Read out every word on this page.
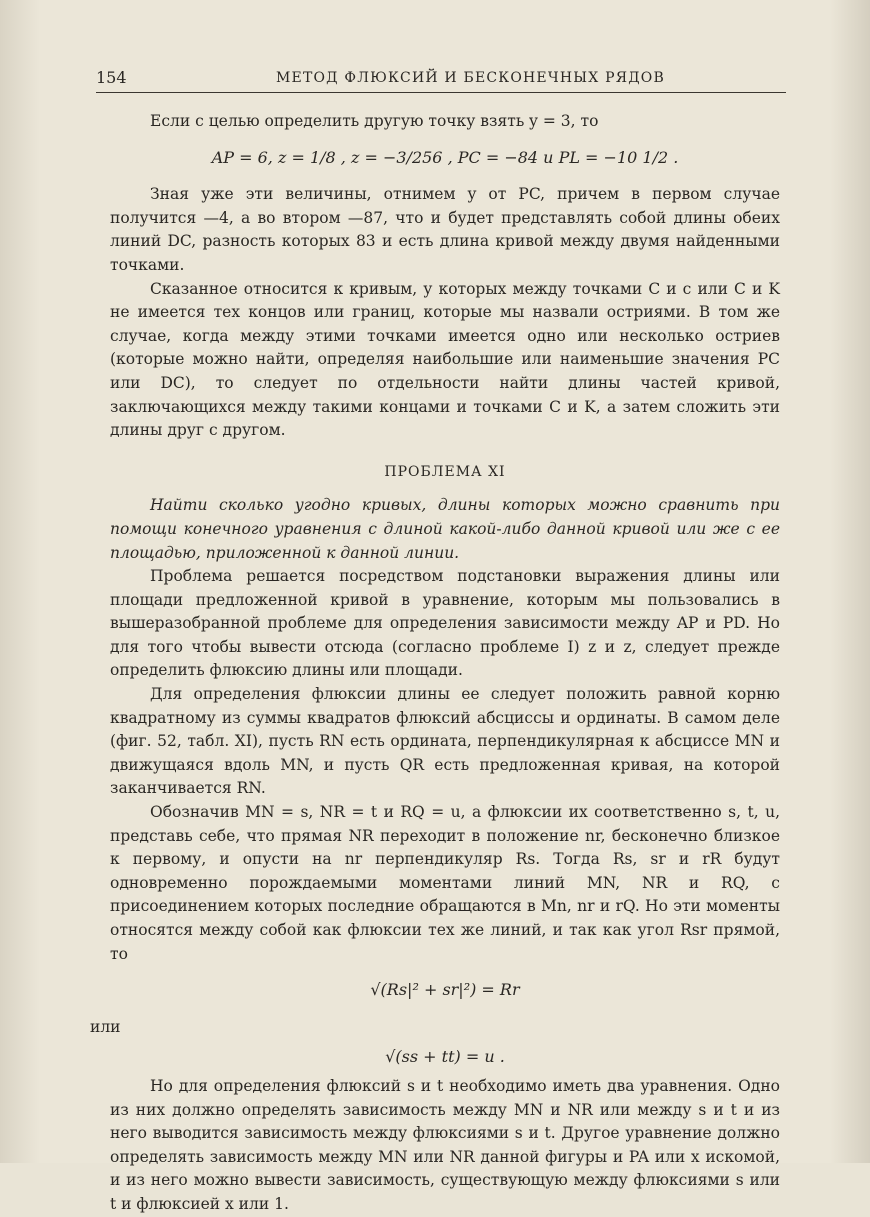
154	МЕТОД ФЛЮКСИЙ И БЕСКОНЕЧНЫХ РЯДОВ

Если с целью определить другую точку взять y = 3, то

AP = 6, z = 1/8 , z = −3/256 , PC = −84 и PL = −10 1/2 .

Зная уже эти величины, отнимем y от PC, причем в первом случае получится —4, а во втором —87, что и будет представлять собой длины обеих линий DC, разность которых 83 и есть длина кривой между двумя найденными точками.

Сказанное относится к кривым, у которых между точками C и c или C и K не имеется тех концов или границ, которые мы назвали остриями. В том же случае, когда между этими точками имеется одно или несколько остриев (которые можно найти, определяя наибольшие или наименьшие значения PC или DC), то следует по отдельности найти длины частей кривой, заключающихся между такими концами и точками C и K, а затем сложить эти длины друг с другом.

ПРОБЛЕМА XI

Найти сколько угодно кривых, длины которых можно сравнить при помощи конечного уравнения с длиной какой-либо данной кривой или же с ее площадью, приложенной к данной линии.

Проблема решается посредством подстановки выражения длины или площади предложенной кривой в уравнение, которым мы пользовались в вышеразобранной проблеме для определения зависимости между AP и PD. Но для того чтобы вывести отсюда (согласно проблеме I) z и z, следует прежде определить флюксию длины или площади.

Для определения флюксии длины ее следует положить равной корню квадратному из суммы квадратов флюксий абсциссы и ординаты. В самом деле (фиг. 52, табл. XI), пусть RN есть ордината, перпендикулярная к абсциссе MN и движущаяся вдоль MN, и пусть QR есть предложенная кривая, на которой заканчивается RN.

Обозначив MN = s, NR = t и RQ = u, а флюксии их соответственно s, t, u, представь себе, что прямая NR переходит в положение nr, бесконечно близкое к первому, и опусти на nr перпендикуляр Rs. Тогда Rs, sr и rR будут одновременно порождаемыми моментами линий MN, NR и RQ, с присоединением которых последние обращаются в Mn, nr и rQ. Но эти моменты относятся между собой как флюксии тех же линий, и так как угол Rsr прямой, то

√(Rs|² + sr|²) = Rr

или

√(ss + tt) = u .

Но для определения флюксий s и t необходимо иметь два уравнения. Одно из них должно определять зависимость между MN и NR или между s и t и из него выводится зависимость между флюксиями s и t. Другое уравнение должно определять зависимость между MN или NR данной фигуры и PA или x искомой, и из него можно вывести зависимость, существующую между флюксиями s или t и флюксией x или 1.
